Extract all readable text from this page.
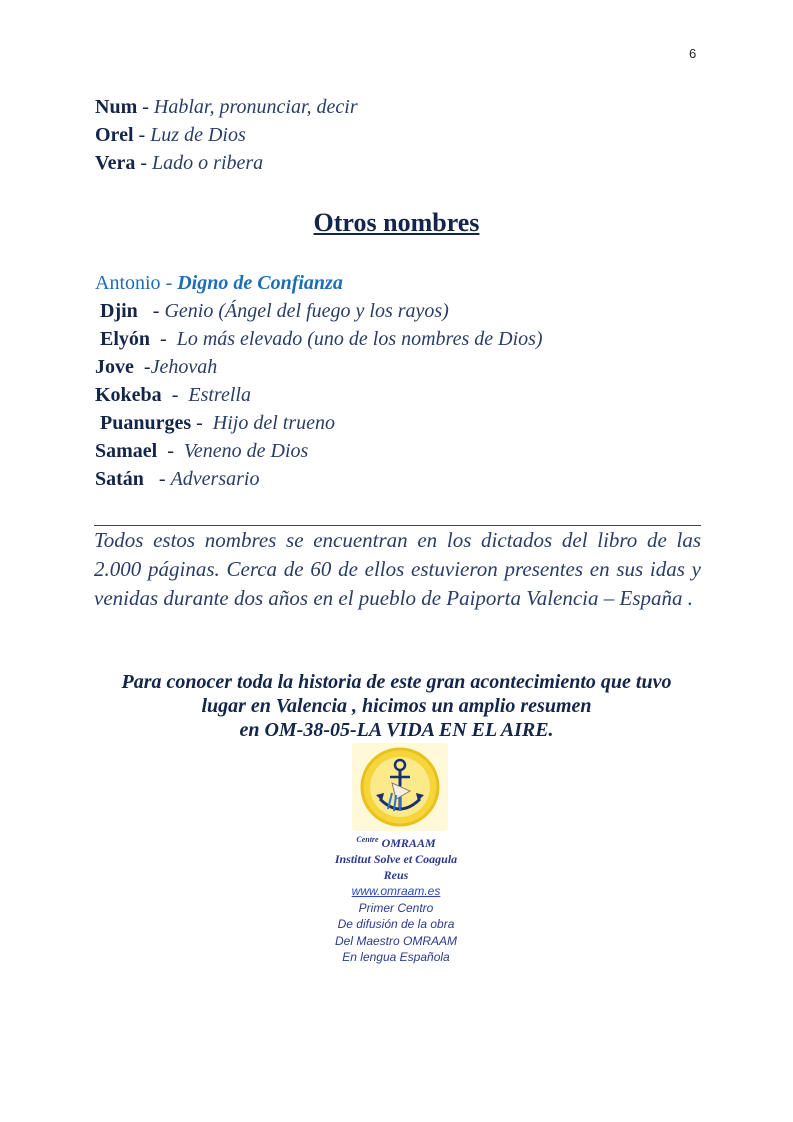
6
Num - Hablar, pronunciar, decir
Orel - Luz de Dios
Vera - Lado o ribera
Otros nombres
Antonio - Digno de Confianza
Djin   - Genio (Ángel del fuego y los rayos)
Elyón  - Lo más elevado (uno de los nombres de Dios)
Jove  -Jehovah
Kokeba  - Estrella
Puanurges - Hijo del trueno
Samael  - Veneno de Dios
Satán   - Adversario
Todos estos nombres se encuentran en los dictados del libro de las 2.000 páginas. Cerca de 60 de ellos estuvieron presentes en sus idas y venidas durante dos años en el pueblo de Paiporta Valencia – España .
Para conocer toda la historia de este gran acontecimiento que tuvo
lugar en Valencia , hicimos un amplio resumen
en OM-38-05-LA VIDA EN EL AIRE.
$^{Centre}$ OMRAAM
Institut Solve et Coagula
Reus
www.omraam.es
Primer Centro
De difusión de la obra
Del Maestro OMRAAM
En lengua Española
